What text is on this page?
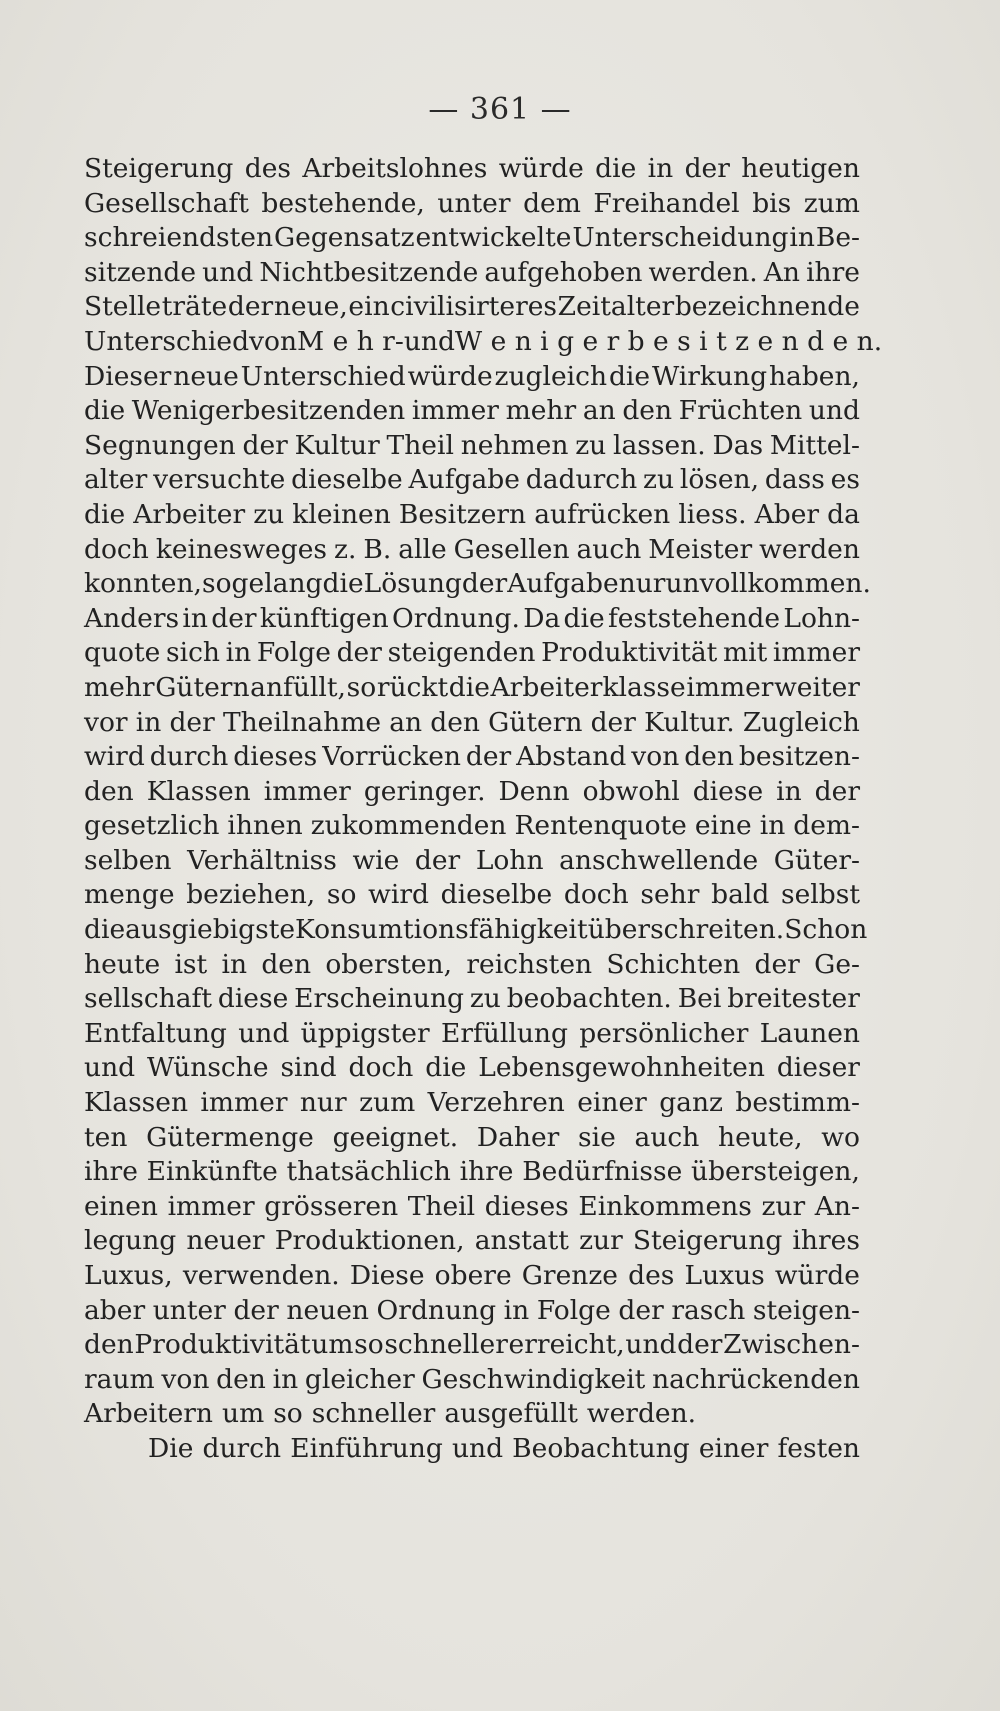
— 361 —
Steigerung des Arbeitslohnes würde die in der heutigen
Gesellschaft bestehende, unter dem Freihandel bis zum
schreiendsten Gegensatz entwickelte Unterscheidung in Be-
sitzende und Nichtbesitzende aufgehoben werden. An ihre
Stelle träte der neue, ein civilisirteres Zeitalter bezeichnende
Unterschied von M e h r- und W e n i g e r b e s i t z e n d e n.
Dieser neue Unterschied würde zugleich die Wirkung haben,
die Wenigerbesitzenden immer mehr an den Früchten und
Segnungen der Kultur Theil nehmen zu lassen. Das Mittel-
alter versuchte dieselbe Aufgabe dadurch zu lösen, dass es
die Arbeiter zu kleinen Besitzern aufrücken liess. Aber da
doch keinesweges z. B. alle Gesellen auch Meister werden
konnten, so gelang die Lösung der Aufgabe nur unvollkommen.
Anders in der künftigen Ordnung. Da die feststehende Lohn-
quote sich in Folge der steigenden Produktivität mit immer
mehr Gütern anfüllt, so rückt die Arbeiterklasse immer weiter
vor in der Theilnahme an den Gütern der Kultur. Zugleich
wird durch dieses Vorrücken der Abstand von den besitzen-
den Klassen immer geringer. Denn obwohl diese in der
gesetzlich ihnen zukommenden Rentenquote eine in dem-
selben Verhältniss wie der Lohn anschwellende Güter-
menge beziehen, so wird dieselbe doch sehr bald selbst
die ausgiebigste Konsumtionsfähigkeit überschreiten. Schon
heute ist in den obersten, reichsten Schichten der Ge-
sellschaft diese Erscheinung zu beobachten. Bei breitester
Entfaltung und üppigster Erfüllung persönlicher Launen
und Wünsche sind doch die Lebensgewohnheiten dieser
Klassen immer nur zum Verzehren einer ganz bestimm-
ten Gütermenge geeignet. Daher sie auch heute, wo
ihre Einkünfte thatsächlich ihre Bedürfnisse übersteigen,
einen immer grösseren Theil dieses Einkommens zur An-
legung neuer Produktionen, anstatt zur Steigerung ihres
Luxus, verwenden. Diese obere Grenze des Luxus würde
aber unter der neuen Ordnung in Folge der rasch steigen-
den Produktivität um so schneller erreicht, und der Zwischen-
raum von den in gleicher Geschwindigkeit nachrückenden
Arbeitern um so schneller ausgefüllt werden.
Die durch Einführung und Beobachtung einer festen
